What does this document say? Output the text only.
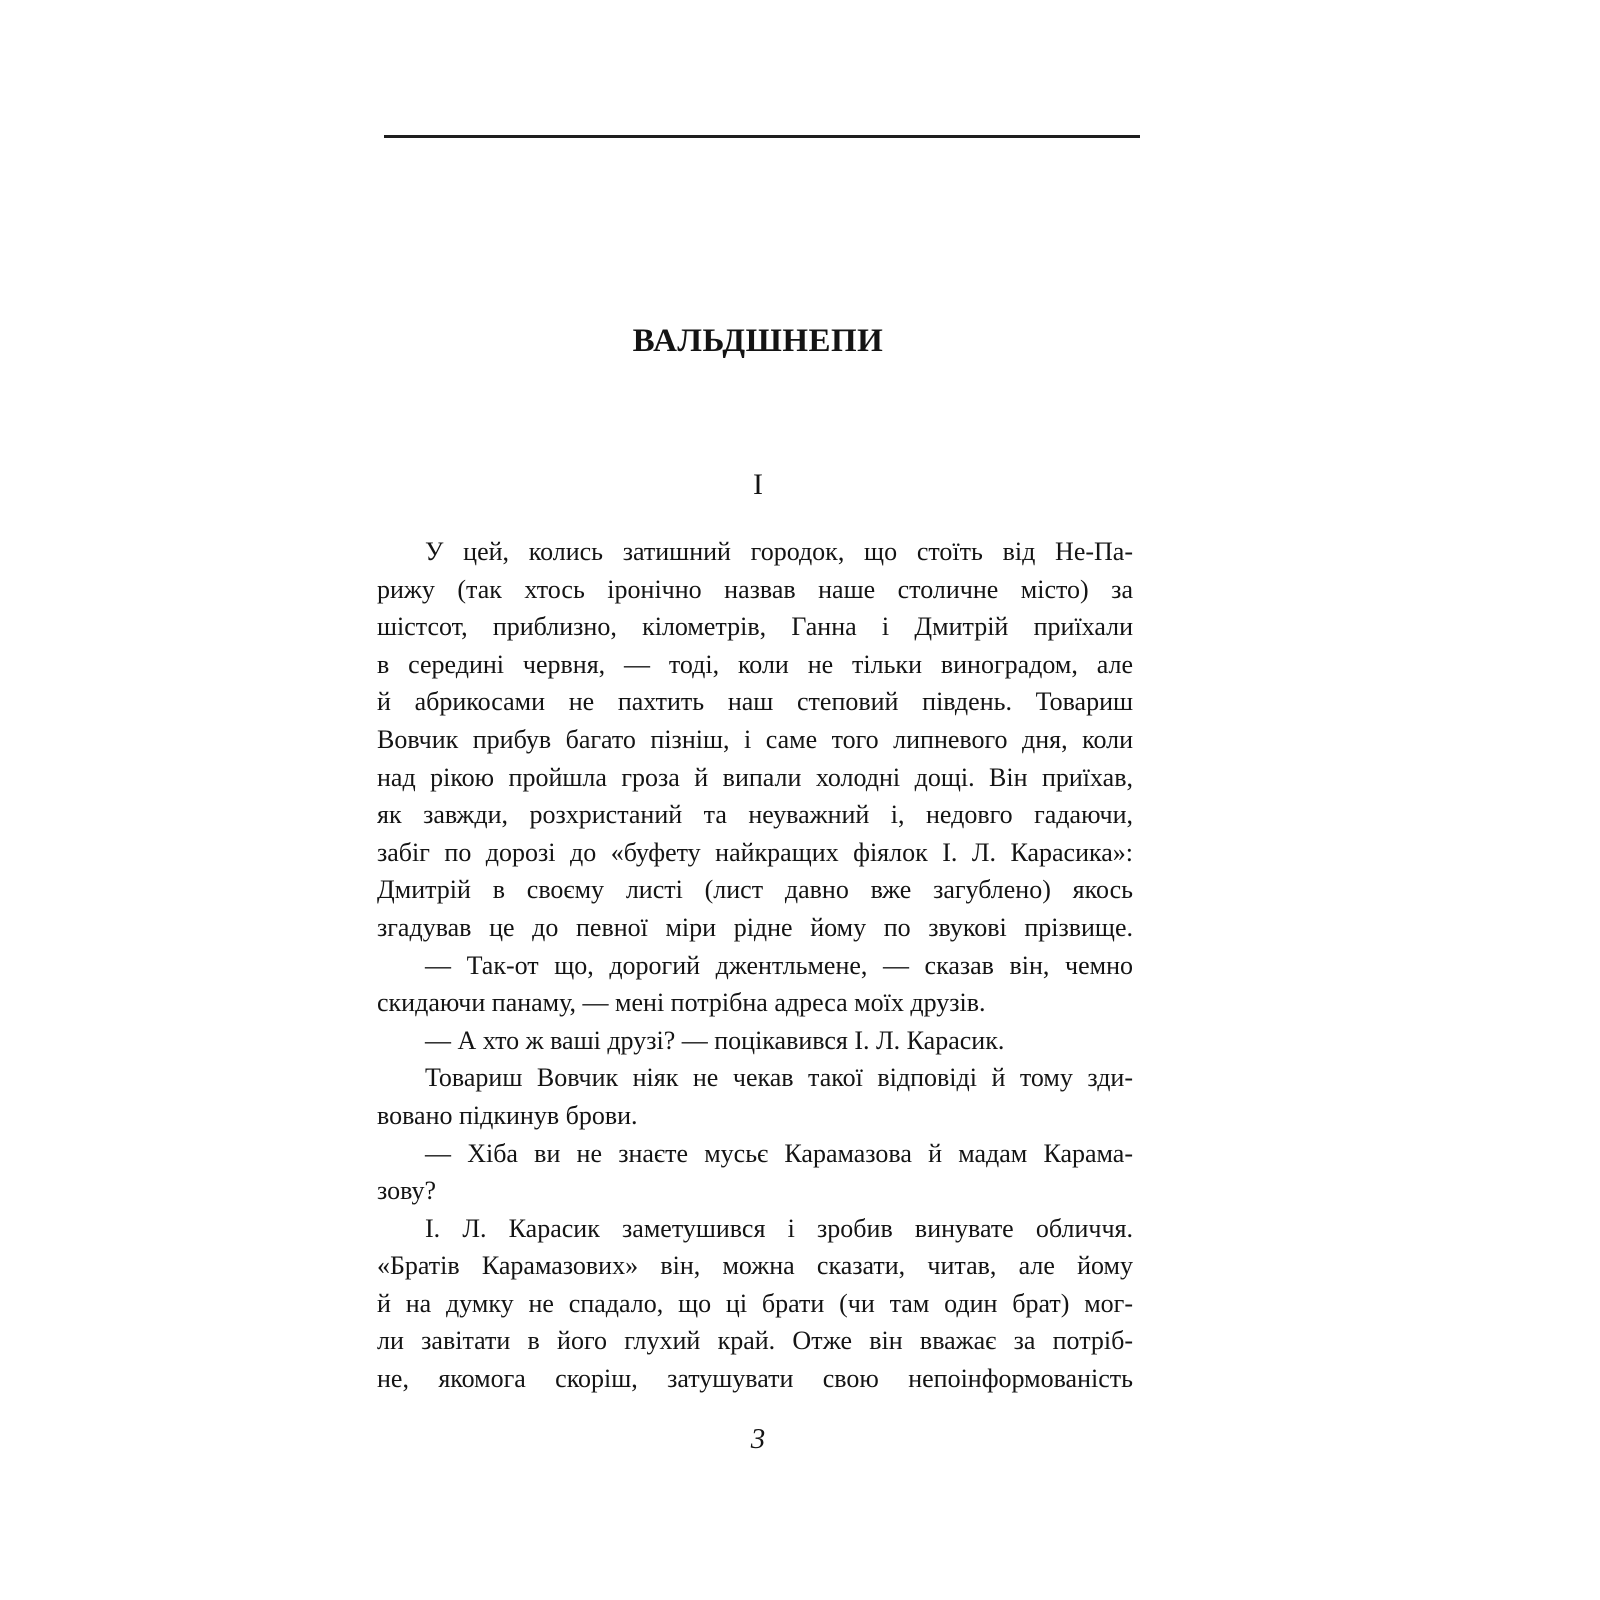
ВАЛЬДШНЕПИ
I
У цей, колись затишний городок, що стоїть від Не-Па-
рижу (так хтось іронічно назвав наше столичне місто) за
шістсот, приблизно, кілометрів, Ганна і Дмитрій приїхали
в середині червня, — тоді, коли не тільки виноградом, але
й абрикосами не пахтить наш степовий південь. Товариш
Вовчик прибув багато пізніш, і саме того липневого дня, коли
над рікою пройшла гроза й випали холодні дощі. Він приїхав,
як завжди, розхристаний та неуважний і, недовго гадаючи,
забіг по дорозі до «буфету найкращих фіялок І. Л. Карасика»:
Дмитрій в своєму листі (лист давно вже загублено) якось
згадував це до певної міри рідне йому по звукові прізвище.
— Так-от що, дорогий джентльмене, — сказав він, чемно
скидаючи панаму, — мені потрібна адреса моїх друзів.
— А хто ж ваші друзі? — поцікавився І. Л. Карасик.
Товариш Вовчик ніяк не чекав такої відповіді й тому зди-
вовано підкинув брови.
— Хіба ви не знаєте мусьє Карамазова й мадам Карама-
зову?
І. Л. Карасик заметушився і зробив винувате обличчя.
«Братів Карамазових» він, можна сказати, читав, але йому
й на думку не спадало, що ці брати (чи там один брат) мог-
ли завітати в його глухий край. Отже він вважає за потріб-
не, якомога скоріш, затушувати свою непоінформованість
3
